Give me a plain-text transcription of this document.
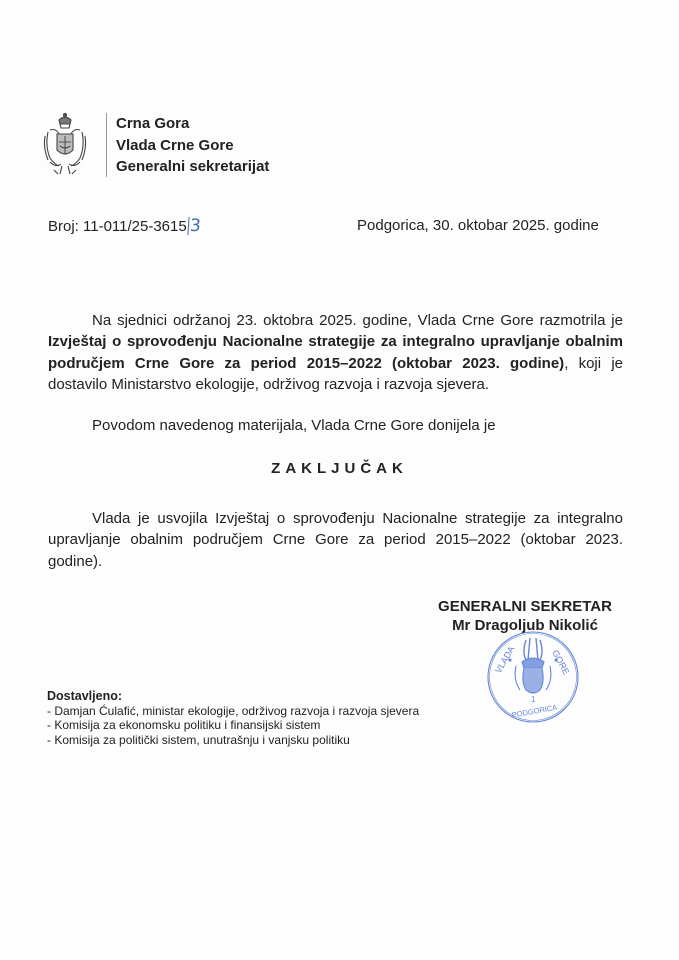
Crna Gora
Vlada Crne Gore
Generalni sekretarijat
Broj: 11-011/25-3615 3	Podgorica, 30. oktobar 2025. godine
Na sjednici održanoj 23. oktobra 2025. godine, Vlada Crne Gore razmotrila je Izvještaj o sprovođenju Nacionalne strategije za integralno upravljanje obalnim područjem Crne Gore za period 2015–2022 (oktobar 2023. godine), koji je dostavilo Ministarstvo ekologije, održivog razvoja i razvoja sjevera.
Povodom navedenog materijala, Vlada Crne Gore donijela je
ZAKLJUČAK
Vlada je usvojila Izvještaj o sprovođenju Nacionalne strategije za integralno upravljanje obalnim područjem Crne Gore za period 2015–2022 (oktobar 2023. godine).
GENERALNI SEKRETAR
Mr Dragoljub Nikolić
VLADA	GORE
1
PODGORICA
Dostavljeno:
- Damjan Ćulafić, ministar ekologije, održivog razvoja i razvoja sjevera
- Komisija za ekonomsku politiku i finansijski sistem
- Komisija za politički sistem, unutrašnju i vanjsku politiku
